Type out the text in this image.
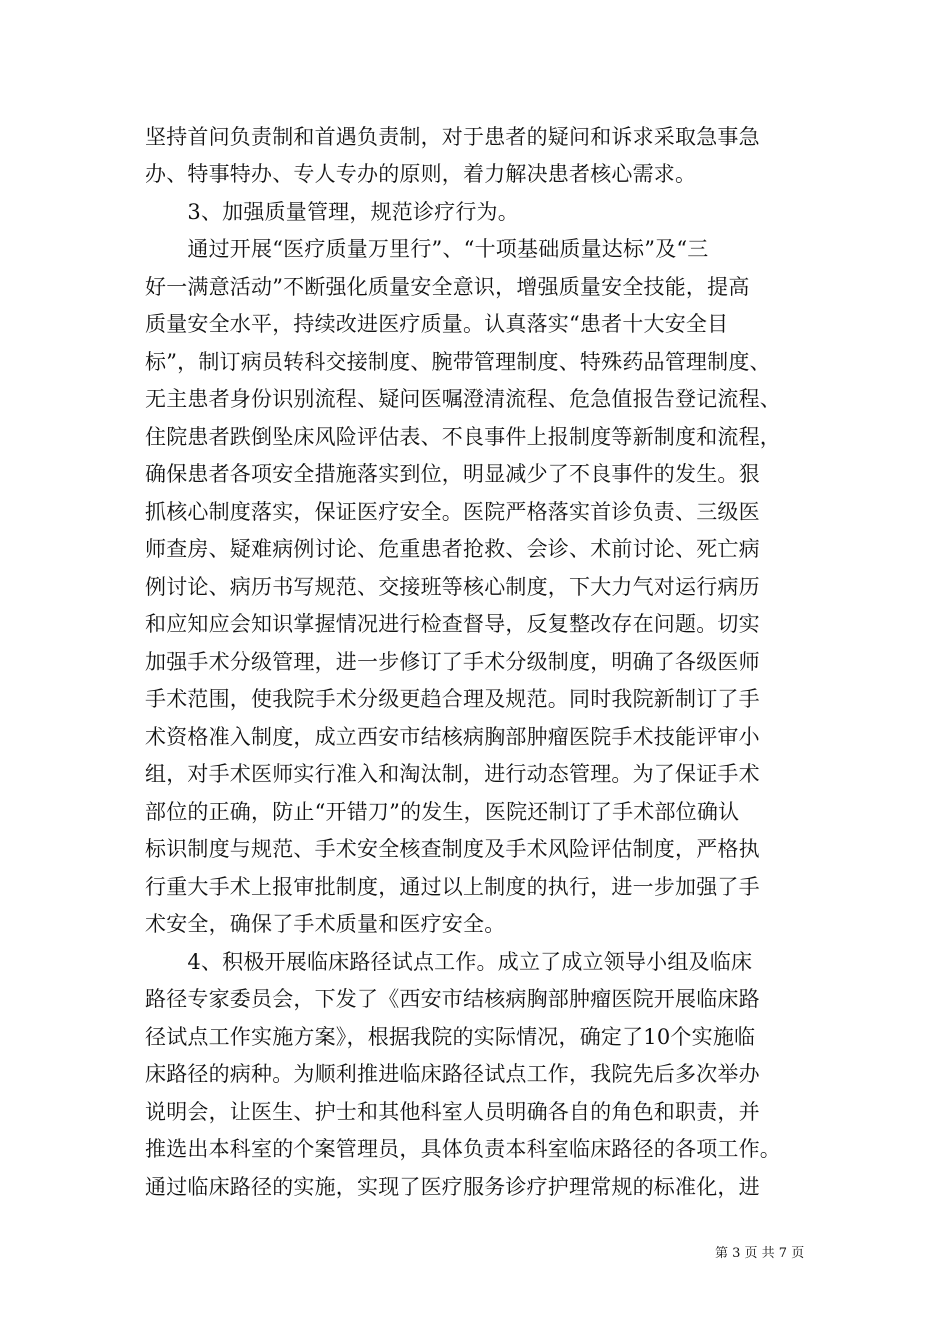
坚持首问负责制和首遇负责制，对于患者的疑问和诉求采取急事急
办、特事特办、专人专办的原则，着力解决患者核心需求。
　　3、加强质量管理，规范诊疗行为。
　　通过开展“医疗质量万里行”、“十项基础质量达标”及“三
好一满意活动”不断强化质量安全意识，增强质量安全技能，提高
质量安全水平，持续改进医疗质量。认真落实“患者十大安全目
标”，制订病员转科交接制度、腕带管理制度、特殊药品管理制度、
无主患者身份识别流程、疑问医嘱澄清流程、危急值报告登记流程、
住院患者跌倒坠床风险评估表、不良事件上报制度等新制度和流程，
确保患者各项安全措施落实到位，明显减少了不良事件的发生。狠
抓核心制度落实，保证医疗安全。医院严格落实首诊负责、三级医
师查房、疑难病例讨论、危重患者抢救、会诊、术前讨论、死亡病
例讨论、病历书写规范、交接班等核心制度，下大力气对运行病历
和应知应会知识掌握情况进行检查督导，反复整改存在问题。切实
加强手术分级管理，进一步修订了手术分级制度，明确了各级医师
手术范围，使我院手术分级更趋合理及规范。同时我院新制订了手
术资格准入制度，成立西安市结核病胸部肿瘤医院手术技能评审小
组，对手术医师实行准入和淘汰制，进行动态管理。为了保证手术
部位的正确，防止“开错刀”的发生，医院还制订了手术部位确认
标识制度与规范、手术安全核查制度及手术风险评估制度，严格执
行重大手术上报审批制度，通过以上制度的执行，进一步加强了手
术安全，确保了手术质量和医疗安全。
　　4、积极开展临床路径试点工作。成立了成立领导小组及临床
路径专家委员会，下发了《西安市结核病胸部肿瘤医院开展临床路
径试点工作实施方案》，根据我院的实际情况，确定了10个实施临
床路径的病种。为顺利推进临床路径试点工作，我院先后多次举办
说明会，让医生、护士和其他科室人员明确各自的角色和职责，并
推选出本科室的个案管理员，具体负责本科室临床路径的各项工作。
通过临床路径的实施，实现了医疗服务诊疗护理常规的标准化，进
第 3 页 共 7 页
